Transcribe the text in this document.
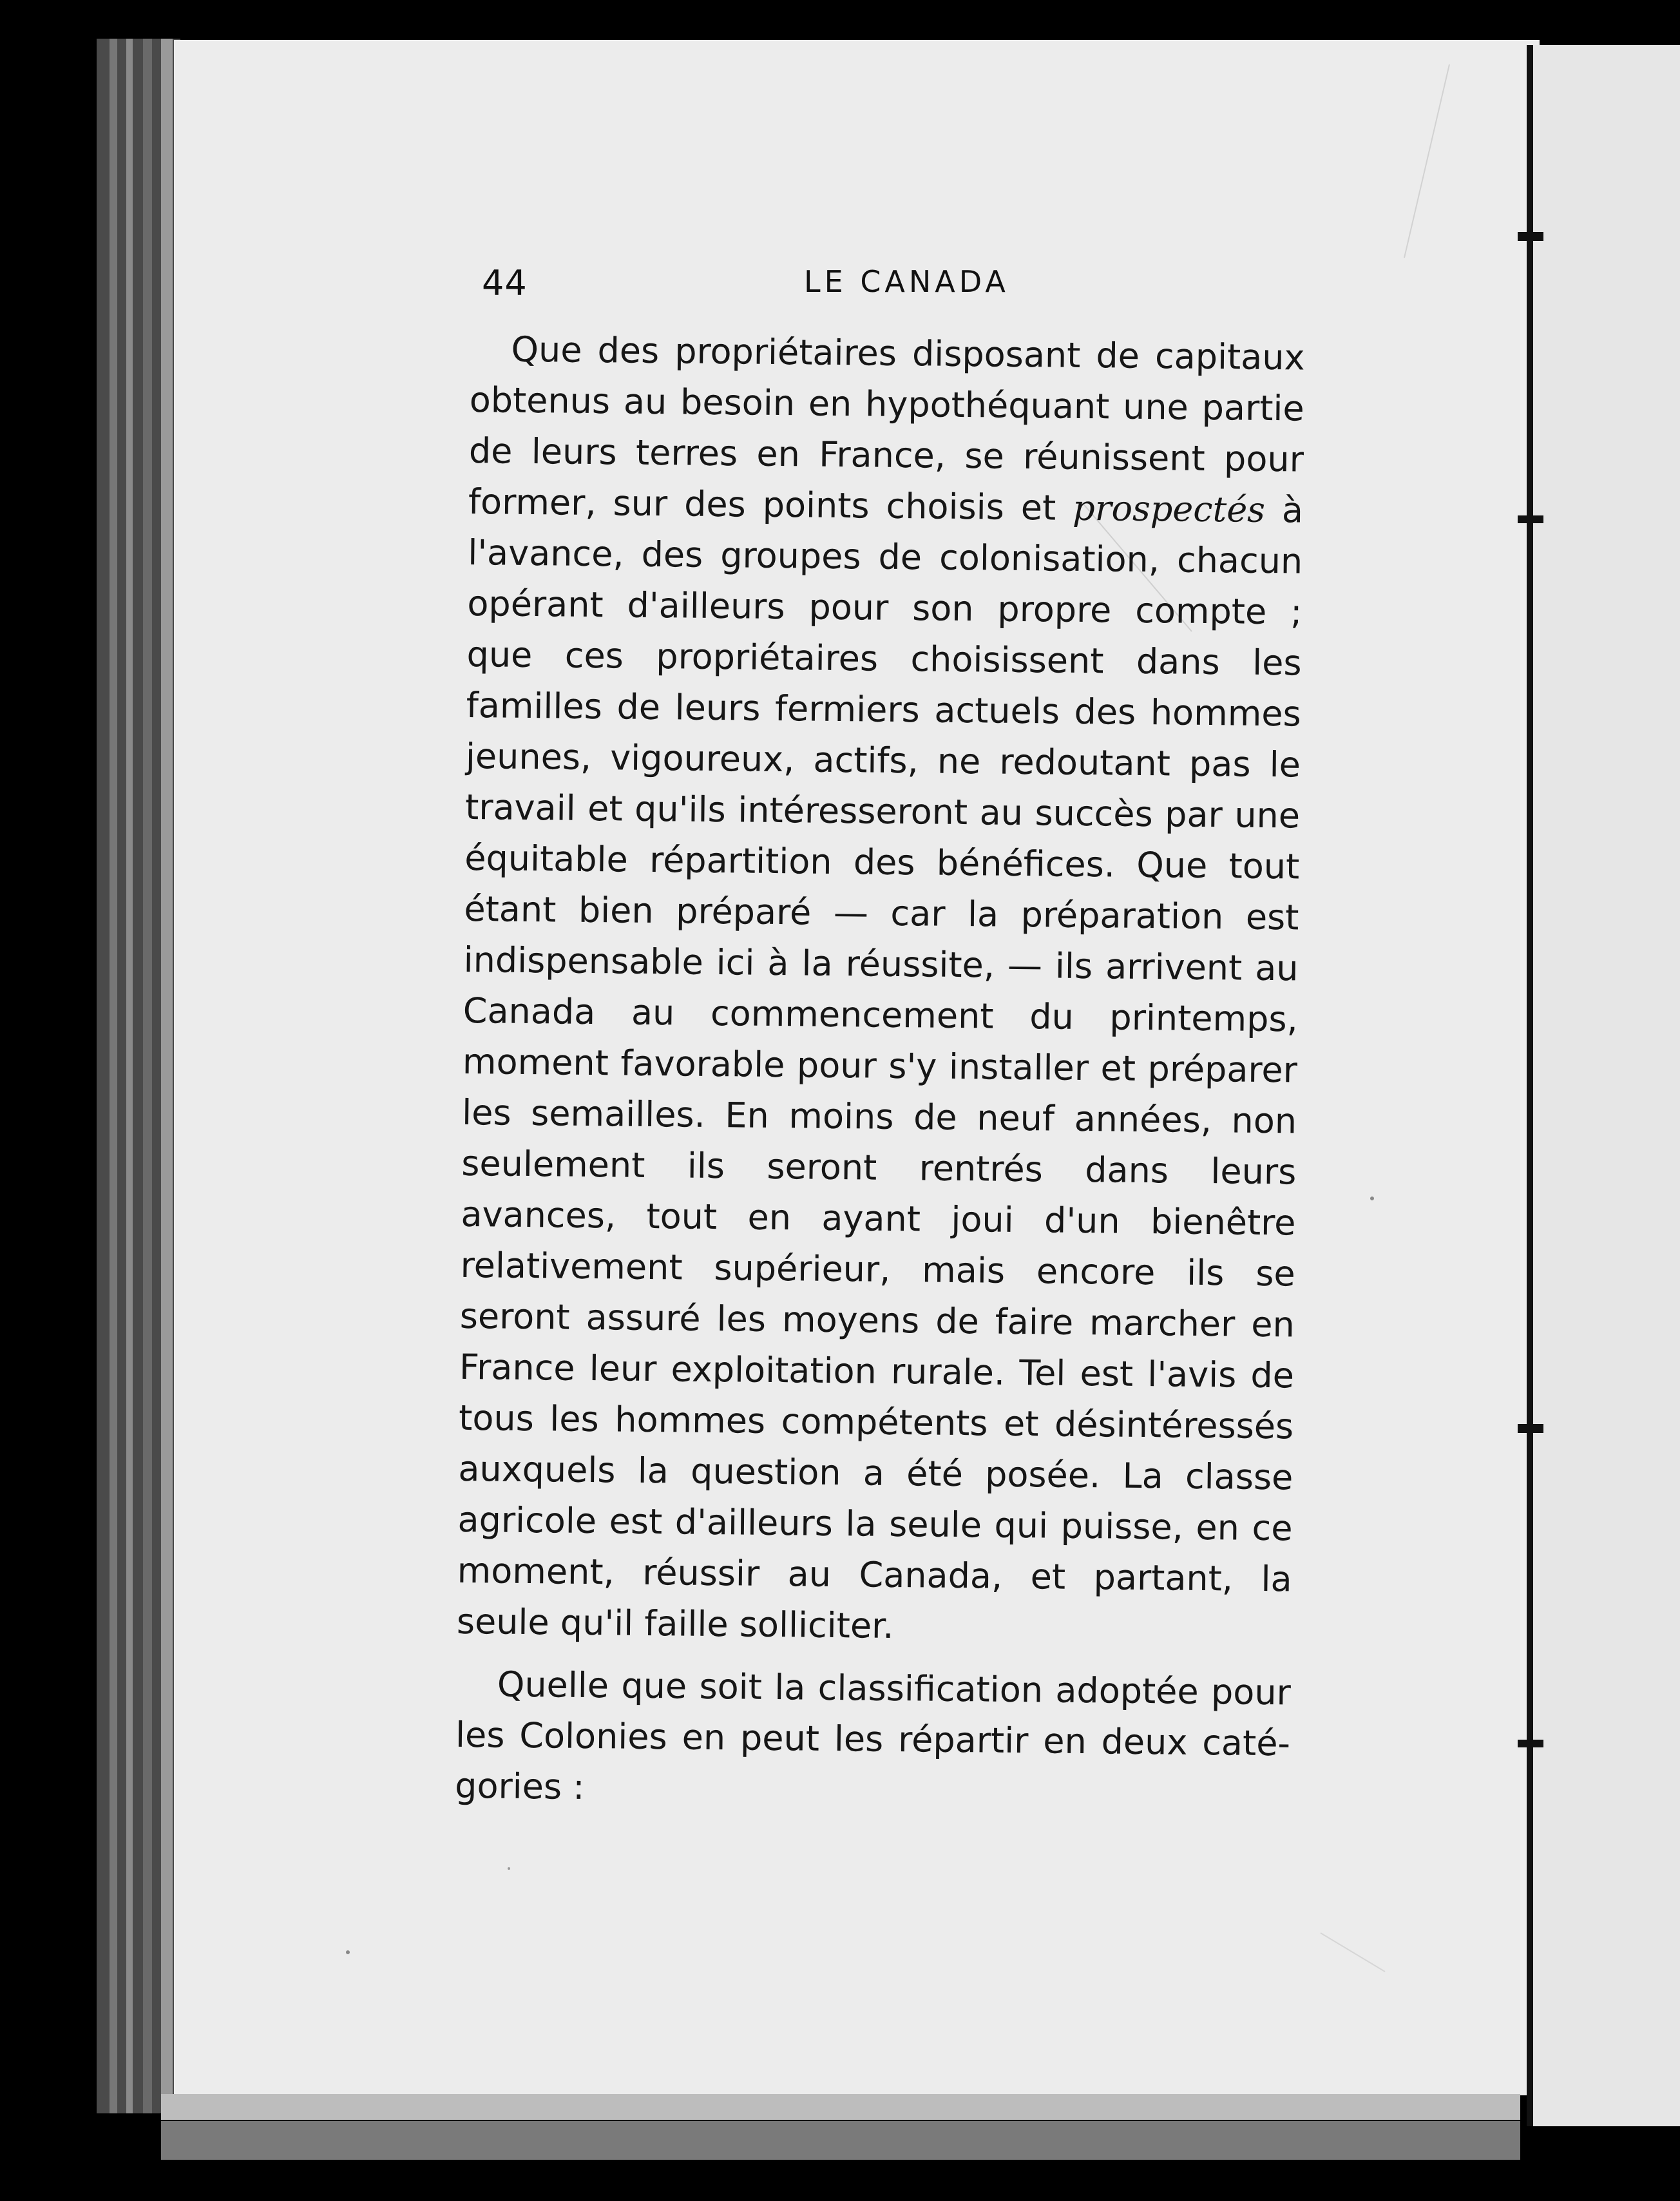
44	LE CANADA

Que des propriétaires disposant de capitaux obtenus au besoin en hypothéquant une partie de leurs terres en France, se réunissent pour former, sur des points choisis et prospectés à l'avance, des groupes de colonisation, chacun opérant d'ailleurs pour son propre compte ; que ces propriétaires choisissent dans les familles de leurs fermiers actuels des hommes jeunes, vigoureux, actifs, ne redoutant pas le travail et qu'ils intéresseront au succès par une équitable répartition des bénéfices. Que tout étant bien préparé — car la préparation est indispensable ici à la réussite, — ils arrivent au Canada au commencement du printemps, moment favorable pour s'y installer et préparer les semailles. En moins de neuf années, non seulement ils seront rentrés dans leurs avances, tout en ayant joui d'un bienêtre relativement supérieur, mais encore ils se seront assuré les moyens de faire marcher en France leur exploitation rurale. Tel est l'avis de tous les hommes compétents et désintéressés auxquels la question a été posée. La classe agricole est d'ailleurs la seule qui puisse, en ce moment, réussir au Canada, et partant, la seule qu'il faille solliciter.

Quelle que soit la classification adoptée pour les Colonies en peut les répartir en deux catégories :
